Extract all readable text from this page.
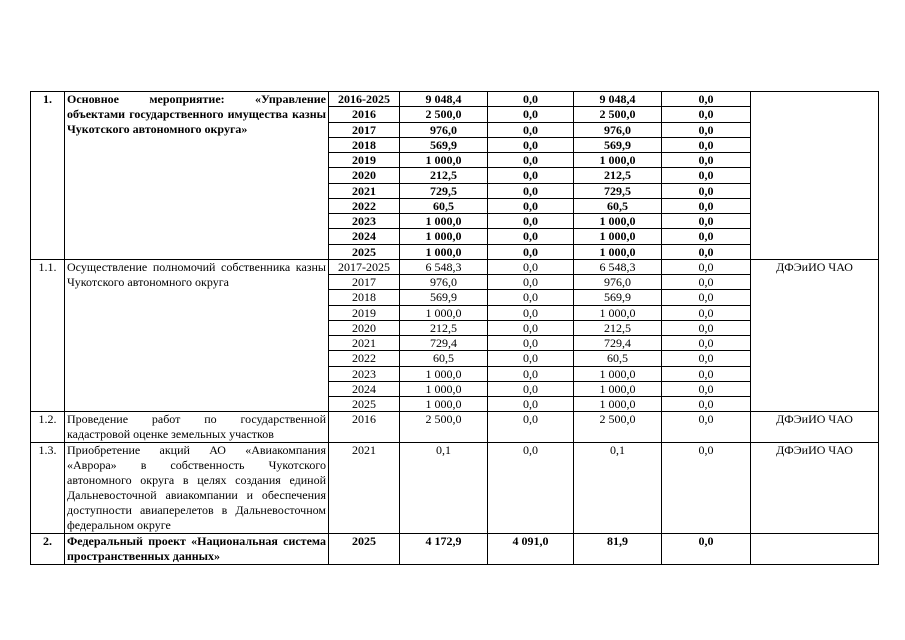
1.	Основное мероприятие: «Управление объектами государственного имущества казны Чукотского автономного округа»	2016-2025	9 048,4	0,0	9 048,4	0,0	
		2016	2 500,0	0,0	2 500,0	0,0	
		2017	976,0	0,0	976,0	0,0	
		2018	569,9	0,0	569,9	0,0	
		2019	1 000,0	0,0	1 000,0	0,0	
		2020	212,5	0,0	212,5	0,0	
		2021	729,5	0,0	729,5	0,0	
		2022	60,5	0,0	60,5	0,0	
		2023	1 000,0	0,0	1 000,0	0,0	
		2024	1 000,0	0,0	1 000,0	0,0	
		2025	1 000,0	0,0	1 000,0	0,0	
1.1.	Осуществление полномочий собственника казны Чукотского автономного округа	2017-2025	6 548,3	0,0	6 548,3	0,0	ДФЭиИО ЧАО
		2017	976,0	0,0	976,0	0,0	
		2018	569,9	0,0	569,9	0,0	
		2019	1 000,0	0,0	1 000,0	0,0	
		2020	212,5	0,0	212,5	0,0	
		2021	729,4	0,0	729,4	0,0	
		2022	60,5	0,0	60,5	0,0	
		2023	1 000,0	0,0	1 000,0	0,0	
		2024	1 000,0	0,0	1 000,0	0,0	
		2025	1 000,0	0,0	1 000,0	0,0	
1.2.	Проведение работ по государственной кадастровой оценке земельных участков	2016	2 500,0	0,0	2 500,0	0,0	ДФЭиИО ЧАО
1.3.	Приобретение акций АО «Авиакомпания «Аврора» в собственность Чукотского автономного округа в целях создания единой Дальневосточной авиакомпании и обеспечения доступности авиаперелетов в Дальневосточном федеральном округе	2021	0,1	0,0	0,1	0,0	ДФЭиИО ЧАО

2.	Федеральный проект «Национальная система пространственных данных»	2025	4 172,9	4 091,0	81,9	0,0	
